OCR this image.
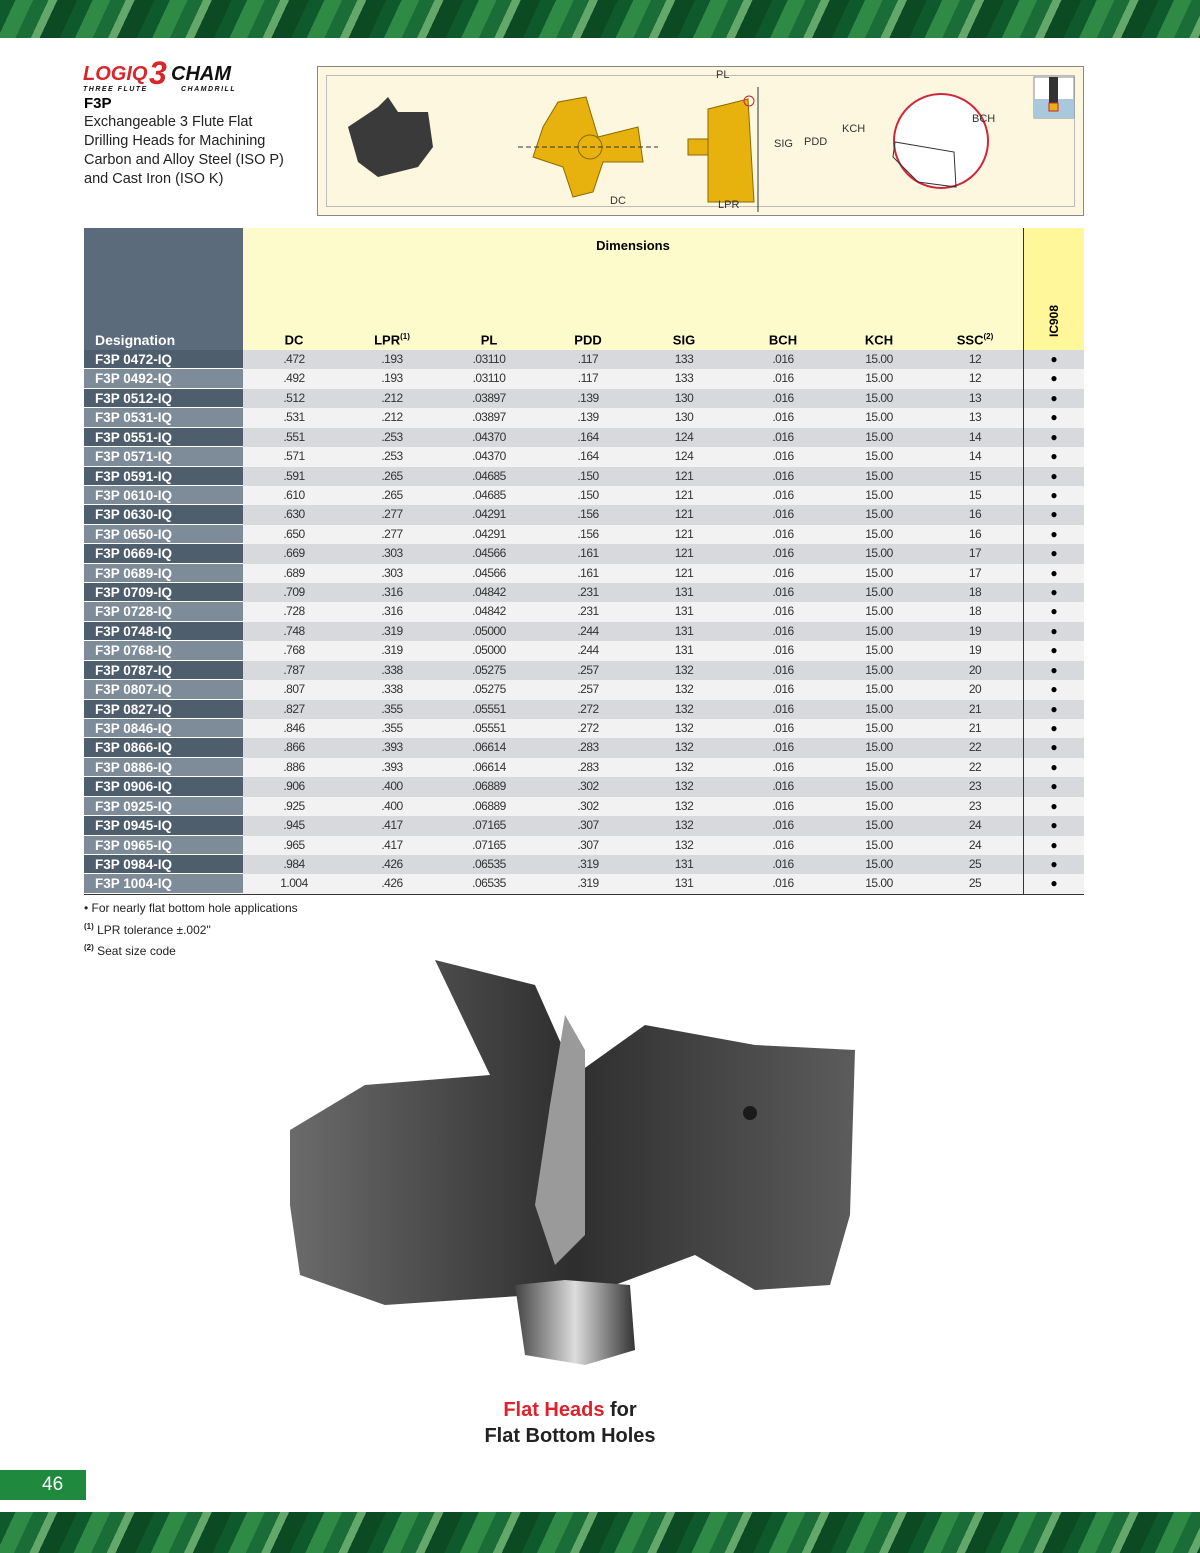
LOGIQ 3 CHAM
THREE FLUTE	CHAMDRILL
F3P
Exchangeable 3 Flute Flat Drilling Heads for Machining Carbon and Alloy Steel (ISO P) and Cast Iron (ISO K)
PL
SIG PDD
DC	LPR
KCH
BCH
Designation
Dimensions
DC	LPR$^{(1)}$	PL	PDD	SIG	BCH	KCH	SSC$^{(2)}$	IC908
F3P 0472-IQ	.472	.193	.03110	.117	133	.016	15.00	12	●
F3P 0492-IQ	.492	.193	.03110	.117	133	.016	15.00	12	●
F3P 0512-IQ	.512	.212	.03897	.139	130	.016	15.00	13	●
F3P 0531-IQ	.531	.212	.03897	.139	130	.016	15.00	13	●
F3P 0551-IQ	.551	.253	.04370	.164	124	.016	15.00	14	●
F3P 0571-IQ	.571	.253	.04370	.164	124	.016	15.00	14	●
F3P 0591-IQ	.591	.265	.04685	.150	121	.016	15.00	15	●
F3P 0610-IQ	.610	.265	.04685	.150	121	.016	15.00	15	●
F3P 0630-IQ	.630	.277	.04291	.156	121	.016	15.00	16	●
F3P 0650-IQ	.650	.277	.04291	.156	121	.016	15.00	16	●
F3P 0669-IQ	.669	.303	.04566	.161	121	.016	15.00	17	●
F3P 0689-IQ	.689	.303	.04566	.161	121	.016	15.00	17	●
F3P 0709-IQ	.709	.316	.04842	.231	131	.016	15.00	18	●
F3P 0728-IQ	.728	.316	.04842	.231	131	.016	15.00	18	●
F3P 0748-IQ	.748	.319	.05000	.244	131	.016	15.00	19	●
F3P 0768-IQ	.768	.319	.05000	.244	131	.016	15.00	19	●
F3P 0787-IQ	.787	.338	.05275	.257	132	.016	15.00	20	●
F3P 0807-IQ	.807	.338	.05275	.257	132	.016	15.00	20	●
F3P 0827-IQ	.827	.355	.05551	.272	132	.016	15.00	21	●
F3P 0846-IQ	.846	.355	.05551	.272	132	.016	15.00	21	●
F3P 0866-IQ	.866	.393	.06614	.283	132	.016	15.00	22	●
F3P 0886-IQ	.886	.393	.06614	.283	132	.016	15.00	22	●
F3P 0906-IQ	.906	.400	.06889	.302	132	.016	15.00	23	●
F3P 0925-IQ	.925	.400	.06889	.302	132	.016	15.00	23	●
F3P 0945-IQ	.945	.417	.07165	.307	132	.016	15.00	24	●
F3P 0965-IQ	.965	.417	.07165	.307	132	.016	15.00	24	●
F3P 0984-IQ	.984	.426	.06535	.319	131	.016	15.00	25	●
F3P 1004-IQ	1.004	.426	.06535	.319	131	.016	15.00	25	●
• For nearly flat bottom hole applications
$^{(1)}$ LPR tolerance ±.002"
$^{(2)}$ Seat size code
Flat Heads for
Flat Bottom Holes
46
